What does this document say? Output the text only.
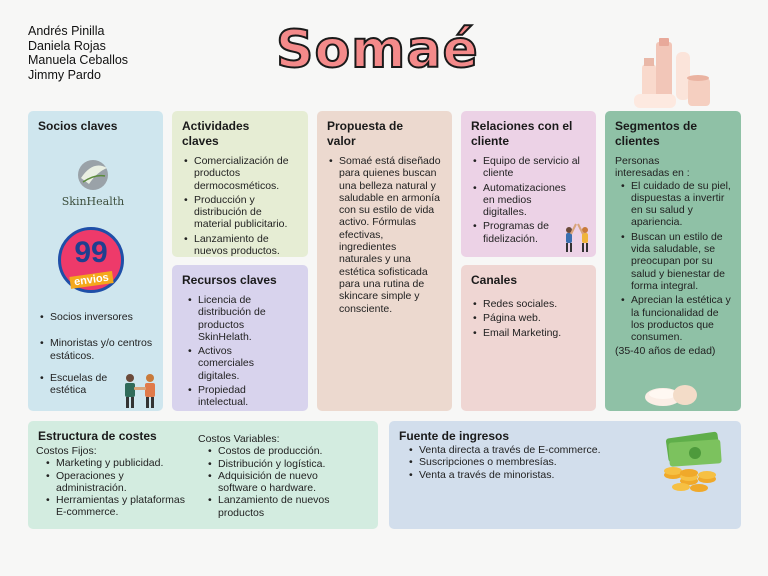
Andrés Pinilla
Daniela Rojas
Manuela Ceballos
Jimmy Pardo	Somaé
Socios claves
SkinHealth
99
envios
• Socios inversores
• Minoristas y/o centros estáticos.
• Escuelas de estética
Actividades claves
• Comercialización de productos dermocosméticos.
• Producción y distribución de material publicitario.
• Lanzamiento de nuevos productos.
Recursos claves
• Licencia de distribución de productos SkinHelath.
• Activos comerciales digitales.
• Propiedad intelectual.
Propuesta de valor
• Somaé está diseñado para quienes buscan una belleza natural y saludable en armonía con su estilo de vida activo. Fórmulas efectivas, ingredientes naturales y una estética sofisticada para una rutina de skincare simple y consciente.
Relaciones con el cliente
• Equipo de servicio al cliente
• Automatizaciones en medios digitalles.
• Programas de fidelización.
Canales
• Redes sociales.
• Página web.
• Email Marketing.
Segmentos de clientes
Personas interesadas en :
• El cuidado de su piel, dispuestas a invertir en su salud y apariencia.
• Buscan un estilo de vida saludable, se preocupan por su salud y bienestar de forma integral.
• Aprecian la estética y la funcionalidad de los productos que consumen.
(35-40 años de edad)
Estructura de costes
Costos Fijos:
• Marketing y publicidad.
• Operaciones y administración.
• Herramientas y plataformas E-commerce.
Costos Variables:
• Costos de producción.
• Distribución y logística.
• Adquisición de nuevo software o hardware.
• Lanzamiento de nuevos productos
Fuente de ingresos
• Venta directa a través de E-commerce.
• Suscripciones o membresías.
• Venta a través de minoristas.
